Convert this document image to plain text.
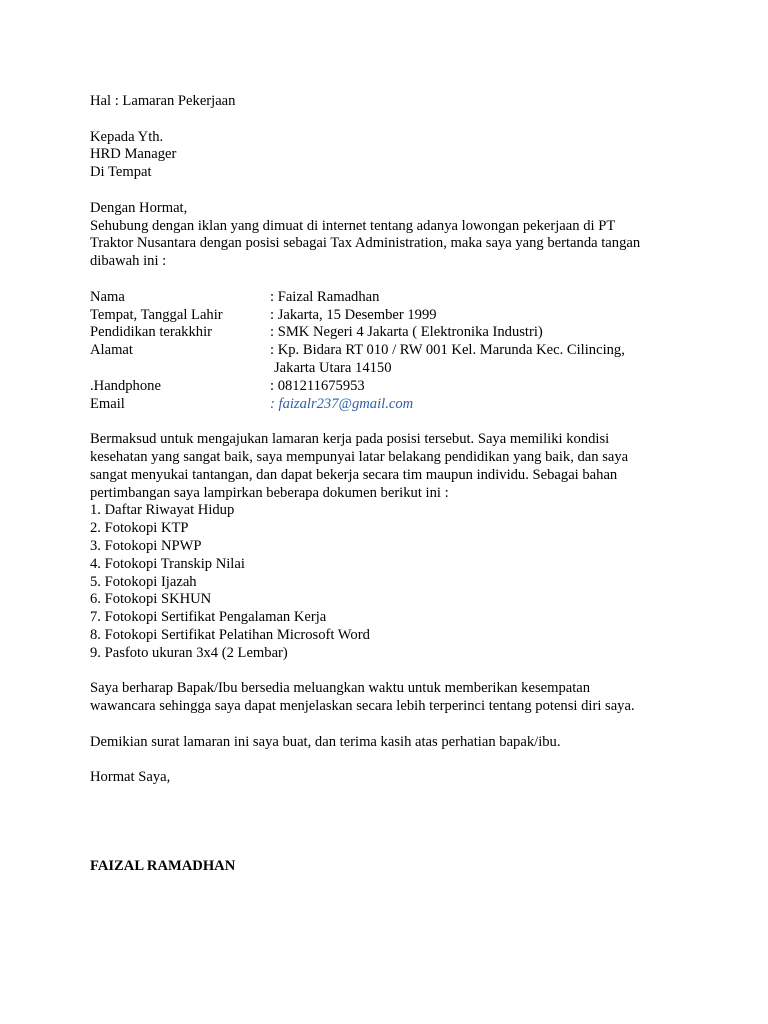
Hal : Lamaran Pekerjaan
Kepada Yth.
HRD Manager
Di Tempat
Dengan Hormat,
Sehubung dengan iklan yang dimuat di internet tentang adanya lowongan pekerjaan di PT
Traktor Nusantara dengan posisi sebagai Tax Administration, maka saya yang bertanda tangan
dibawah ini :
Nama	: Faizal Ramadhan
Tempat, Tanggal Lahir	: Jakarta, 15 Desember 1999
Pendidikan terakkhir	: SMK Negeri 4 Jakarta ( Elektronika Industri)
Alamat	: Kp. Bidara RT 010 / RW 001 Kel. Marunda Kec. Cilincing,
Jakarta Utara 14150
.Handphone	: 081211675953
Email	: faizalr237@gmail.com
Bermaksud untuk mengajukan lamaran kerja pada posisi tersebut. Saya memiliki kondisi
kesehatan yang sangat baik, saya mempunyai latar belakang pendidikan yang baik, dan saya
sangat menyukai tantangan, dan dapat bekerja secara tim maupun individu. Sebagai bahan
pertimbangan saya lampirkan beberapa dokumen berikut ini :
1. Daftar Riwayat Hidup
2. Fotokopi KTP
3. Fotokopi NPWP
4. Fotokopi Transkip Nilai
5. Fotokopi Ijazah
6. Fotokopi SKHUN
7. Fotokopi Sertifikat Pengalaman Kerja
8. Fotokopi Sertifikat Pelatihan Microsoft Word
9. Pasfoto ukuran 3x4 (2 Lembar)
Saya berharap Bapak/Ibu bersedia meluangkan waktu untuk memberikan kesempatan
wawancara sehingga saya dapat menjelaskan secara lebih terperinci tentang potensi diri saya.
Demikian surat lamaran ini saya buat, dan terima kasih atas perhatian bapak/ibu.
Hormat Saya,
FAIZAL RAMADHAN
